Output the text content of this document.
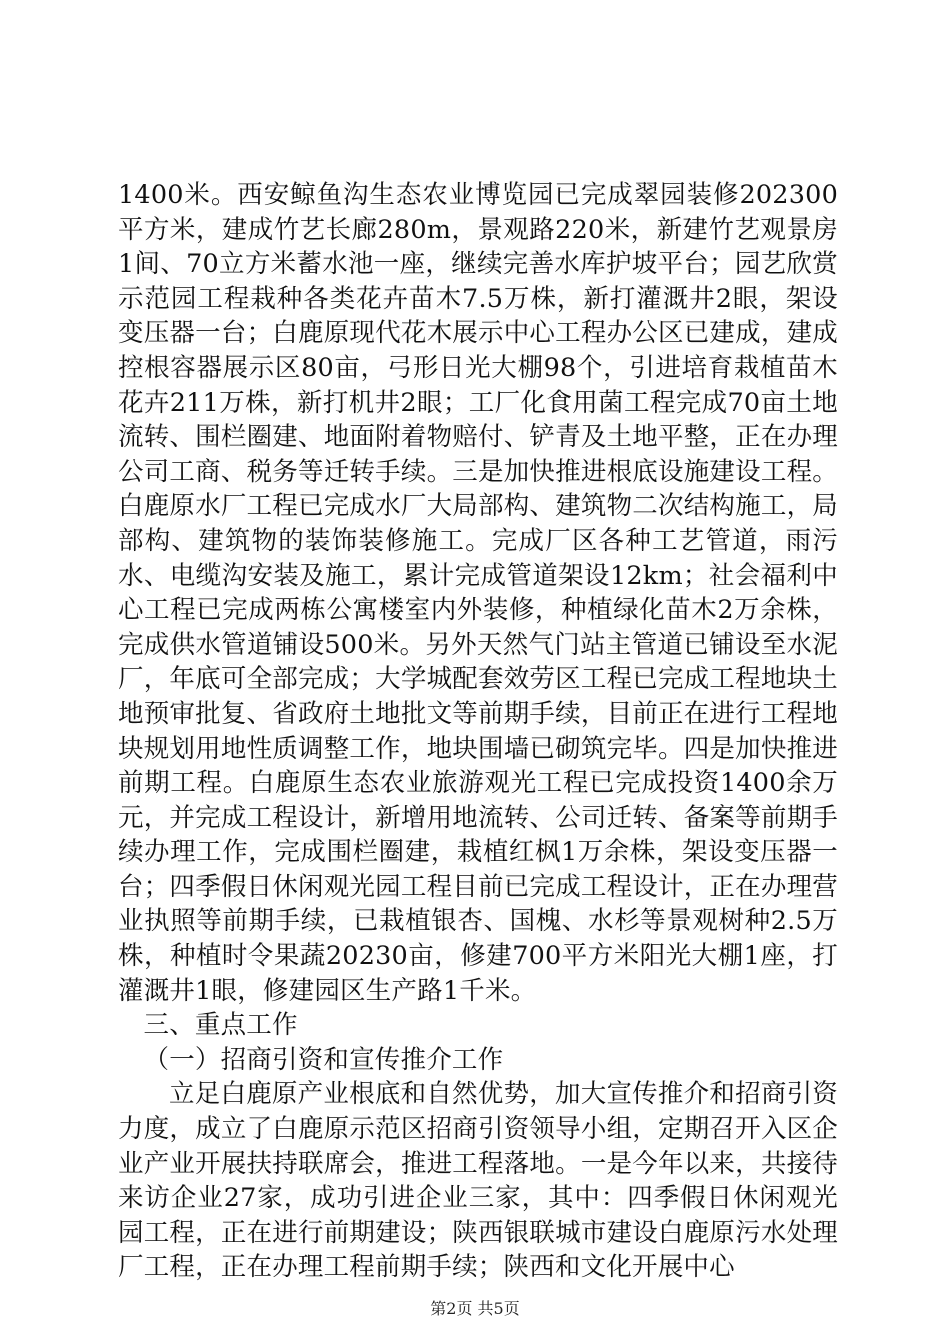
1400米。西安鲸鱼沟生态农业博览园已完成翠园装修202300平方米，建成竹艺长廊280m，景观路220米，新建竹艺观景房1间、70立方米蓄水池一座，继续完善水库护坡平台；园艺欣赏示范园工程栽种各类花卉苗木7.5万株，新打灌溉井2眼，架设变压器一台；白鹿原现代花木展示中心工程办公区已建成，建成控根容器展示区80亩，弓形日光大棚98个，引进培育栽植苗木花卉211万株，新打机井2眼；工厂化食用菌工程完成70亩土地流转、围栏圈建、地面附着物赔付、铲青及土地平整，正在办理公司工商、税务等迁转手续。三是加快推进根底设施建设工程。白鹿原水厂工程已完成水厂大局部构、建筑物二次结构施工，局部构、建筑物的装饰装修施工。完成厂区各种工艺管道，雨污水、电缆沟安装及施工，累计完成管道架设12km；社会福利中心工程已完成两栋公寓楼室内外装修，种植绿化苗木2万余株，完成供水管道铺设500米。另外天然气门站主管道已铺设至水泥厂，年底可全部完成；大学城配套效劳区工程已完成工程地块土地预审批复、省政府土地批文等前期手续，目前正在进行工程地块规划用地性质调整工作，地块围墙已砌筑完毕。四是加快推进前期工程。白鹿原生态农业旅游观光工程已完成投资1400余万元，并完成工程设计，新增用地流转、公司迁转、备案等前期手续办理工作，完成围栏圈建，栽植红枫1万余株，架设变压器一台；四季假日休闲观光园工程目前已完成工程设计，正在办理营业执照等前期手续，已栽植银杏、国槐、水杉等景观树种2.5万株，种植时令果蔬20230亩，修建700平方米阳光大棚1座，打灌溉井1眼，修建园区生产路1千米。

三、重点工作

（一）招商引资和宣传推介工作

立足白鹿原产业根底和自然优势，加大宣传推介和招商引资力度，成立了白鹿原示范区招商引资领导小组，定期召开入区企业产业开展扶持联席会，推进工程落地。一是今年以来，共接待来访企业27家，成功引进企业三家，其中：四季假日休闲观光园工程，正在进行前期建设；陕西银联城市建设白鹿原污水处理厂工程，正在办理工程前期手续；陕西和文化开展中心

第2页 共5页
